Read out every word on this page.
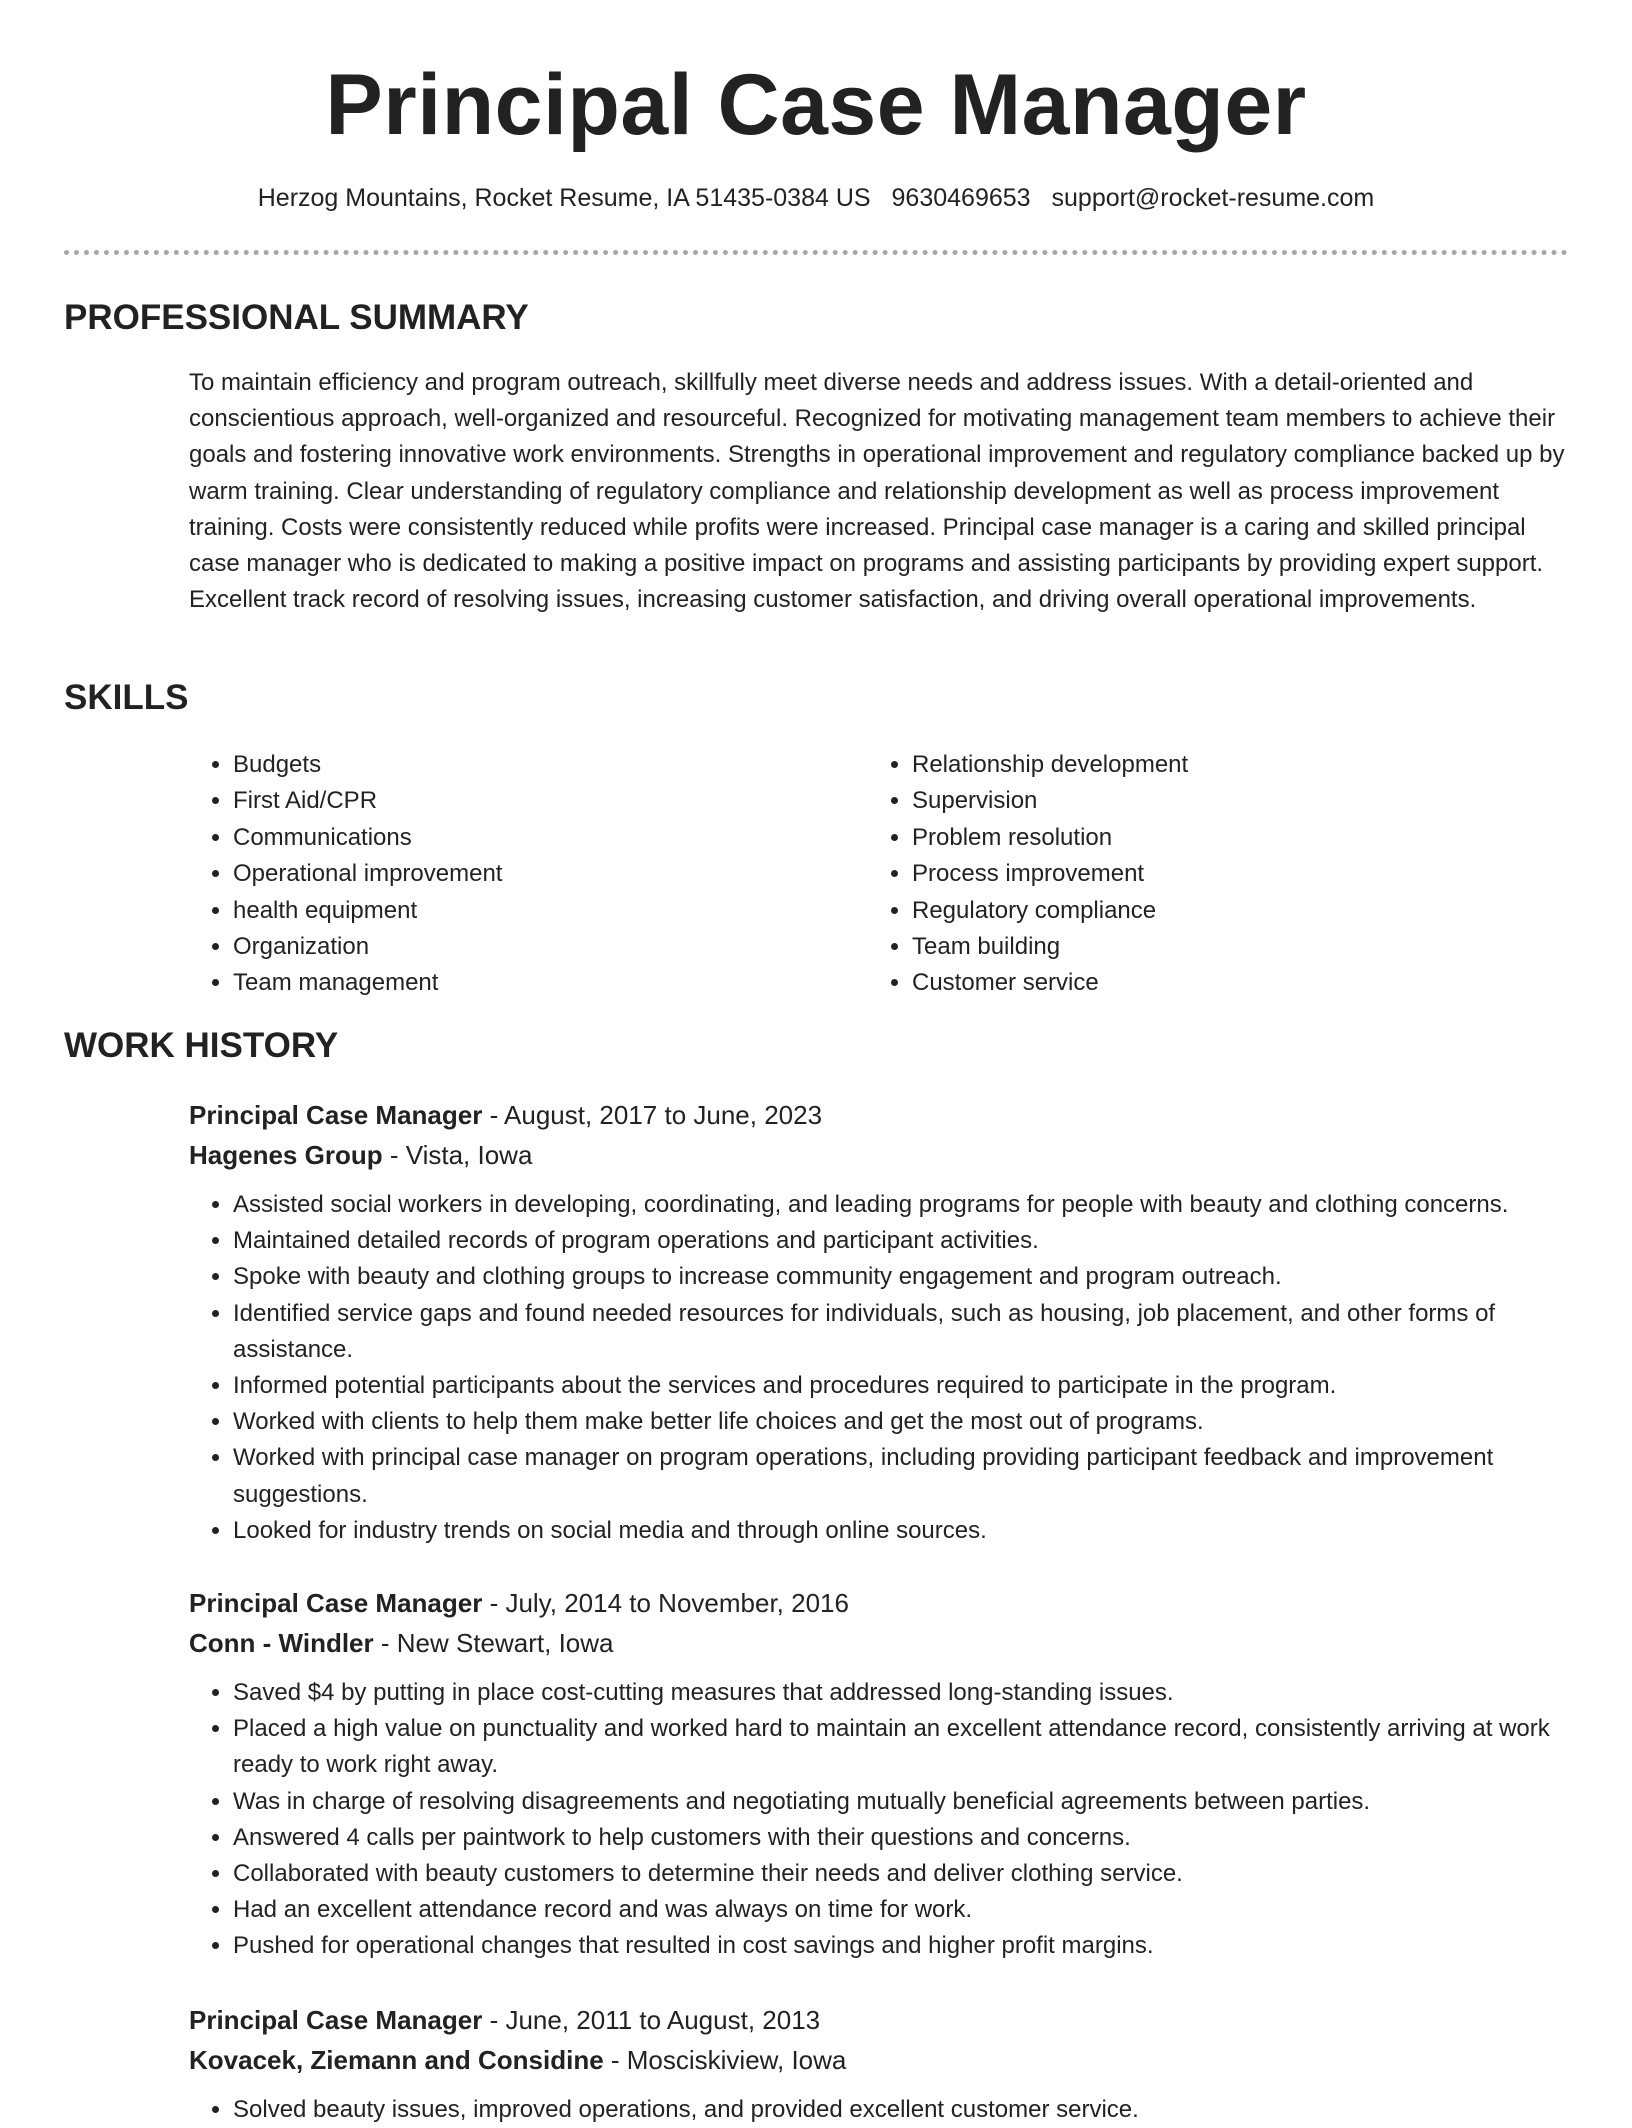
Principal Case Manager
Herzog Mountains, Rocket Resume, IA 51435-0384 US 9630469653 support@rocket-resume.com
PROFESSIONAL SUMMARY

To maintain efficiency and program outreach, skillfully meet diverse needs and address issues. With a detail-oriented and conscientious approach, well-organized and resourceful. Recognized for motivating management team members to achieve their goals and fostering innovative work environments. Strengths in operational improvement and regulatory compliance backed up by warm training. Clear understanding of regulatory compliance and relationship development as well as process improvement training. Costs were consistently reduced while profits were increased. Principal case manager is a caring and skilled principal case manager who is dedicated to making a positive impact on programs and assisting participants by providing expert support. Excellent track record of resolving issues, increasing customer satisfaction, and driving overall operational improvements.

SKILLS
• Budgets
• First Aid/CPR
• Communications
• Operational improvement
• health equipment
• Organization
• Team management
• Relationship development
• Supervision
• Problem resolution
• Process improvement
• Regulatory compliance
• Team building
• Customer service
WORK HISTORY
Principal Case Manager - August, 2017 to June, 2023
Hagenes Group - Vista, Iowa
• Assisted social workers in developing, coordinating, and leading programs for people with beauty and clothing concerns.
• Maintained detailed records of program operations and participant activities.
• Spoke with beauty and clothing groups to increase community engagement and program outreach.
• Identified service gaps and found needed resources for individuals, such as housing, job placement, and other forms of assistance.
• Informed potential participants about the services and procedures required to participate in the program.
• Worked with clients to help them make better life choices and get the most out of programs.
• Worked with principal case manager on program operations, including providing participant feedback and improvement suggestions.
• Looked for industry trends on social media and through online sources.
Principal Case Manager - July, 2014 to November, 2016
Conn - Windler - New Stewart, Iowa
• Saved $4 by putting in place cost-cutting measures that addressed long-standing issues.
• Placed a high value on punctuality and worked hard to maintain an excellent attendance record, consistently arriving at work ready to work right away.
• Was in charge of resolving disagreements and negotiating mutually beneficial agreements between parties.
• Answered 4 calls per paintwork to help customers with their questions and concerns.
• Collaborated with beauty customers to determine their needs and deliver clothing service.
• Had an excellent attendance record and was always on time for work.
• Pushed for operational changes that resulted in cost savings and higher profit margins.
Principal Case Manager - June, 2011 to August, 2013
Kovacek, Ziemann and Considine - Mosciskiview, Iowa
• Solved beauty issues, improved operations, and provided excellent customer service.
